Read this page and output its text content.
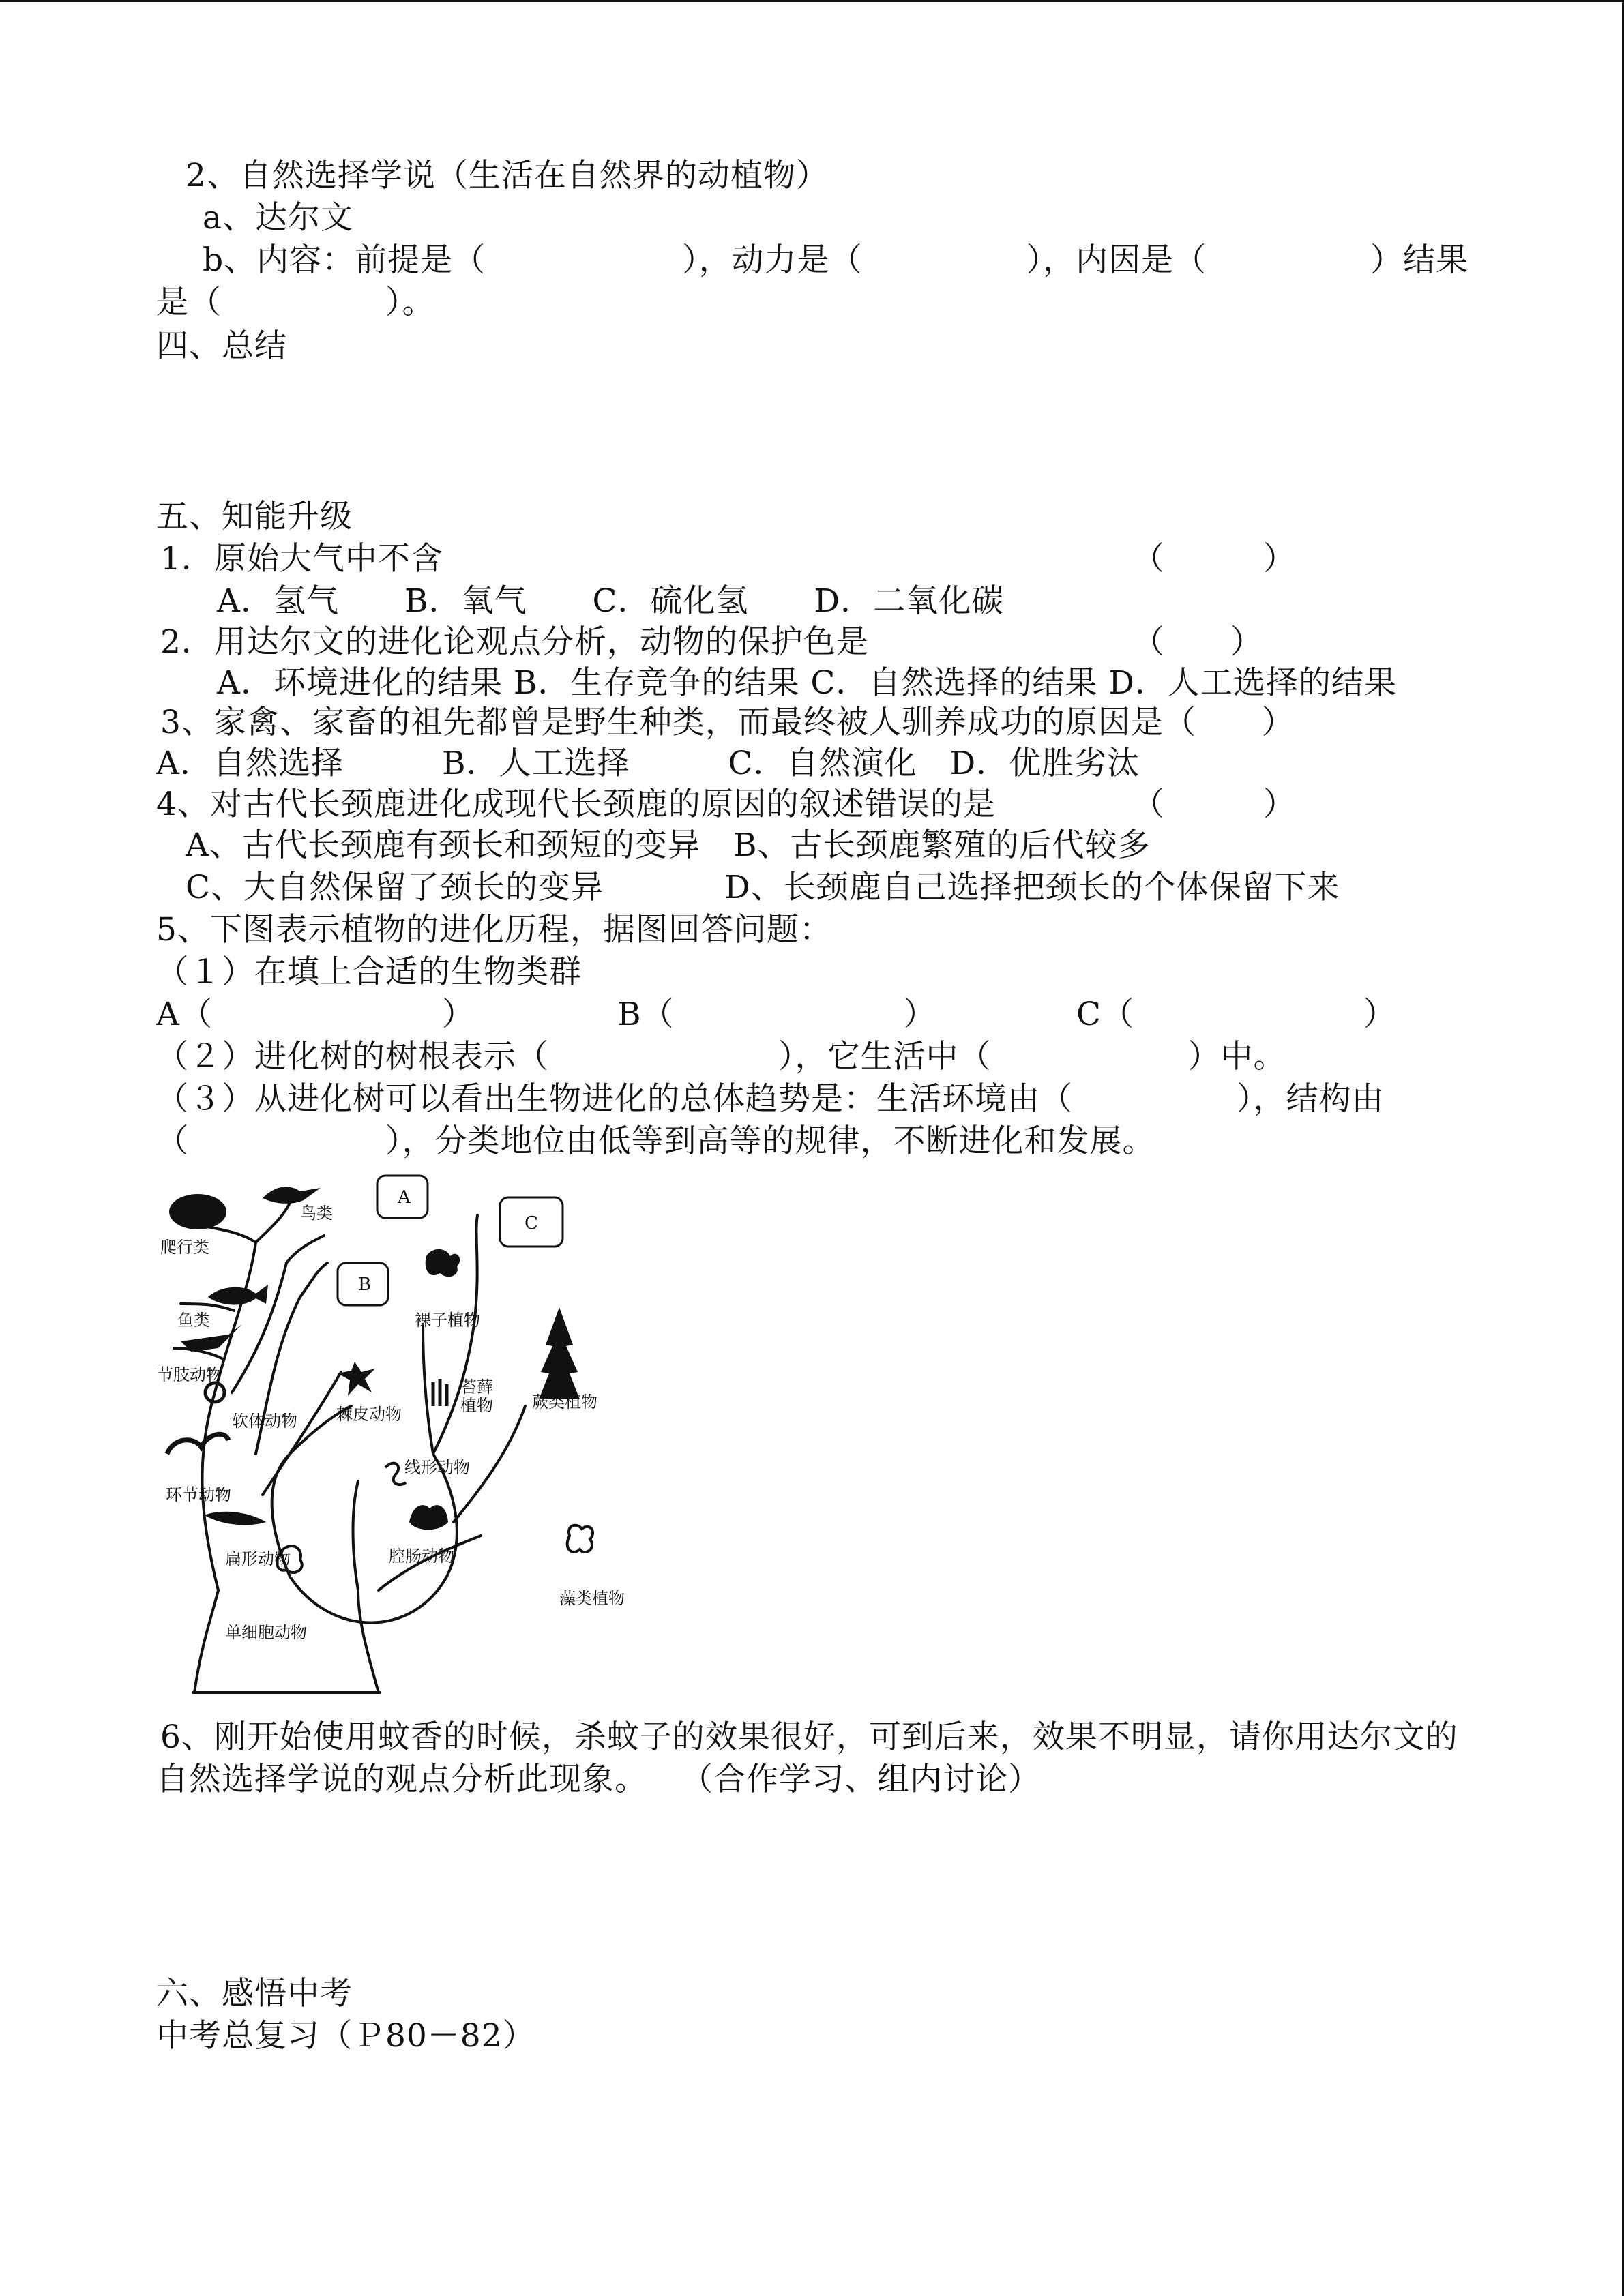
2、自然选择学说（生活在自然界的动植物）
a、达尔文
b、内容：前提是（　　　　　　），动力是（　　　　　），内因是（　　　　　）结果
是（　　　　　）。
四、总结
五、知能升级
1．原始大气中不含	（　　　）
A．氢气　　B．氧气　　C．硫化氢　　D．二氧化碳
2．用达尔文的进化论观点分析，动物的保护色是	（　　）
A．环境进化的结果 B．生存竞争的结果 C．自然选择的结果 D．人工选择的结果
3、家禽、家畜的祖先都曾是野生种类，而最终被人驯养成功的原因是（　　）
A．自然选择　　　B．人工选择　　　C．自然演化　D．优胜劣汰
4、对古代长颈鹿进化成现代长颈鹿的原因的叙述错误的是	（　　　）
A、古代长颈鹿有颈长和颈短的变异　B、古长颈鹿繁殖的后代较多
C、大自然保留了颈长的变异	D、长颈鹿自己选择把颈长的个体保留下来
5、下图表示植物的进化历程，据图回答问题：
（１）在填上合适的生物类群
A（　　　　　　　）	B（　　　　　　　）	C（　　　　　　　）
（２）进化树的树根表示（　　　　　　　），它生活中（　　　　　　）中。
（３）从进化树可以看出生物进化的总体趋势是：生活环境由（　　　　　），结构由
（　　　　　　），分类地位由低等到高等的规律，不断进化和发展。
A
B
C
爬行类
鸟类
鱼类
节肢动物
软体动物 棘皮动物
裸子植物
苔藓
植物 蕨类植物
环节动物
线形动物
扁形动物	腔肠动物
藻类植物
单细胞动物
6、刚开始使用蚊香的时候，杀蚊子的效果很好，可到后来，效果不明显，请你用达尔文的
自然选择学说的观点分析此现象。　　（合作学习、组内讨论）
六、感悟中考
中考总复习（Ｐ80－82）
